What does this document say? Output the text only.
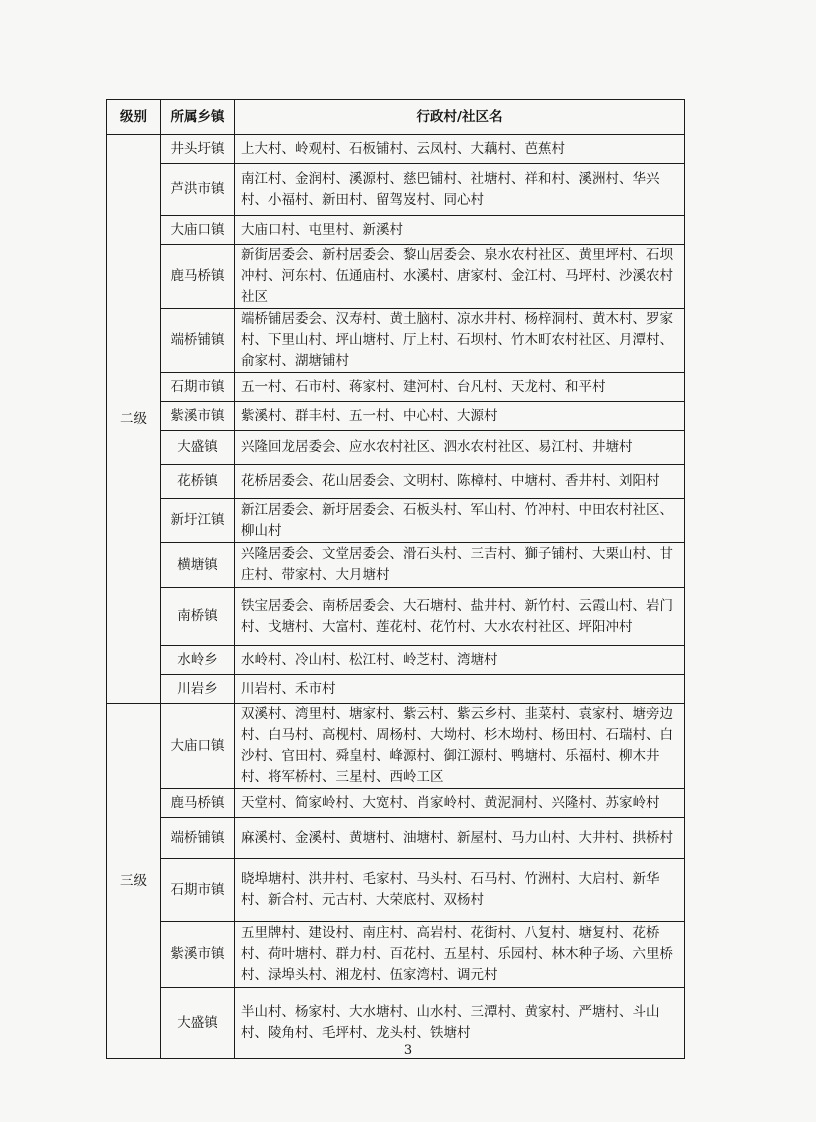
级别	所属乡镇	行政村/社区名
二级	井头圩镇	上大村、岭观村、石板铺村、云凤村、大藕村、芭蕉村
	芦洪市镇	南江村、金润村、溪源村、慈巴铺村、社塘村、祥和村、溪洲村、华兴村、小福村、新田村、留驾岌村、同心村
	大庙口镇	大庙口村、屯里村、新溪村
	鹿马桥镇	新街居委会、新村居委会、黎山居委会、泉水农村社区、黄里坪村、石坝冲村、河东村、伍通庙村、水溪村、唐家村、金江村、马坪村、沙溪农村社区
	端桥铺镇	端桥铺居委会、汉寿村、黄土脑村、凉水井村、杨梓洞村、黄木村、罗家村、下里山村、坪山塘村、厅上村、石坝村、竹木町农村社区、月潭村、俞家村、湖塘铺村
	石期市镇	五一村、石市村、蒋家村、建河村、台凡村、天龙村、和平村
	紫溪市镇	紫溪村、群丰村、五一村、中心村、大源村
	大盛镇	兴隆回龙居委会、应水农村社区、泗水农村社区、易江村、井塘村
	花桥镇	花桥居委会、花山居委会、文明村、陈樟村、中塘村、香井村、刘阳村
	新圩江镇	新江居委会、新圩居委会、石板头村、军山村、竹冲村、中田农村社区、柳山村
	横塘镇	兴隆居委会、文堂居委会、滑石头村、三吉村、獅子铺村、大栗山村、甘庄村、带家村、大月塘村
	南桥镇	铁宝居委会、南桥居委会、大石塘村、盐井村、新竹村、云霞山村、岩门村、戈塘村、大富村、莲花村、花竹村、大水农村社区、坪阳冲村
	水岭乡	水岭村、冷山村、松江村、岭芝村、湾塘村
	川岩乡	川岩村、禾市村
三级	大庙口镇	双溪村、湾里村、塘家村、紫云村、紫云乡村、韭菜村、袁家村、塘旁边村、白马村、高枧村、周杨村、大坳村、杉木坳村、杨田村、石瑞村、白沙村、官田村、舜皇村、峰源村、御江源村、鸭塘村、乐福村、柳木井村、将军桥村、三星村、西岭工区
	鹿马桥镇	天堂村、简家岭村、大宽村、肖家岭村、黄泥洞村、兴隆村、苏家岭村
	端桥铺镇	麻溪村、金溪村、黄塘村、油塘村、新屋村、马力山村、大井村、拱桥村
	石期市镇	晓埠塘村、洪井村、毛家村、马头村、石马村、竹洲村、大启村、新华村、新合村、元古村、大荣底村、双杨村
	紫溪市镇	五里牌村、建设村、南庄村、高岩村、花街村、八复村、塘复村、花桥村、荷叶塘村、群力村、百花村、五星村、乐园村、林木种子场、六里桥村、渌埠头村、湘龙村、伍家湾村、调元村
	大盛镇	半山村、杨家村、大水塘村、山水村、三潭村、黄家村、严塘村、斗山村、陵角村、毛坪村、龙头村、铁塘村
3
